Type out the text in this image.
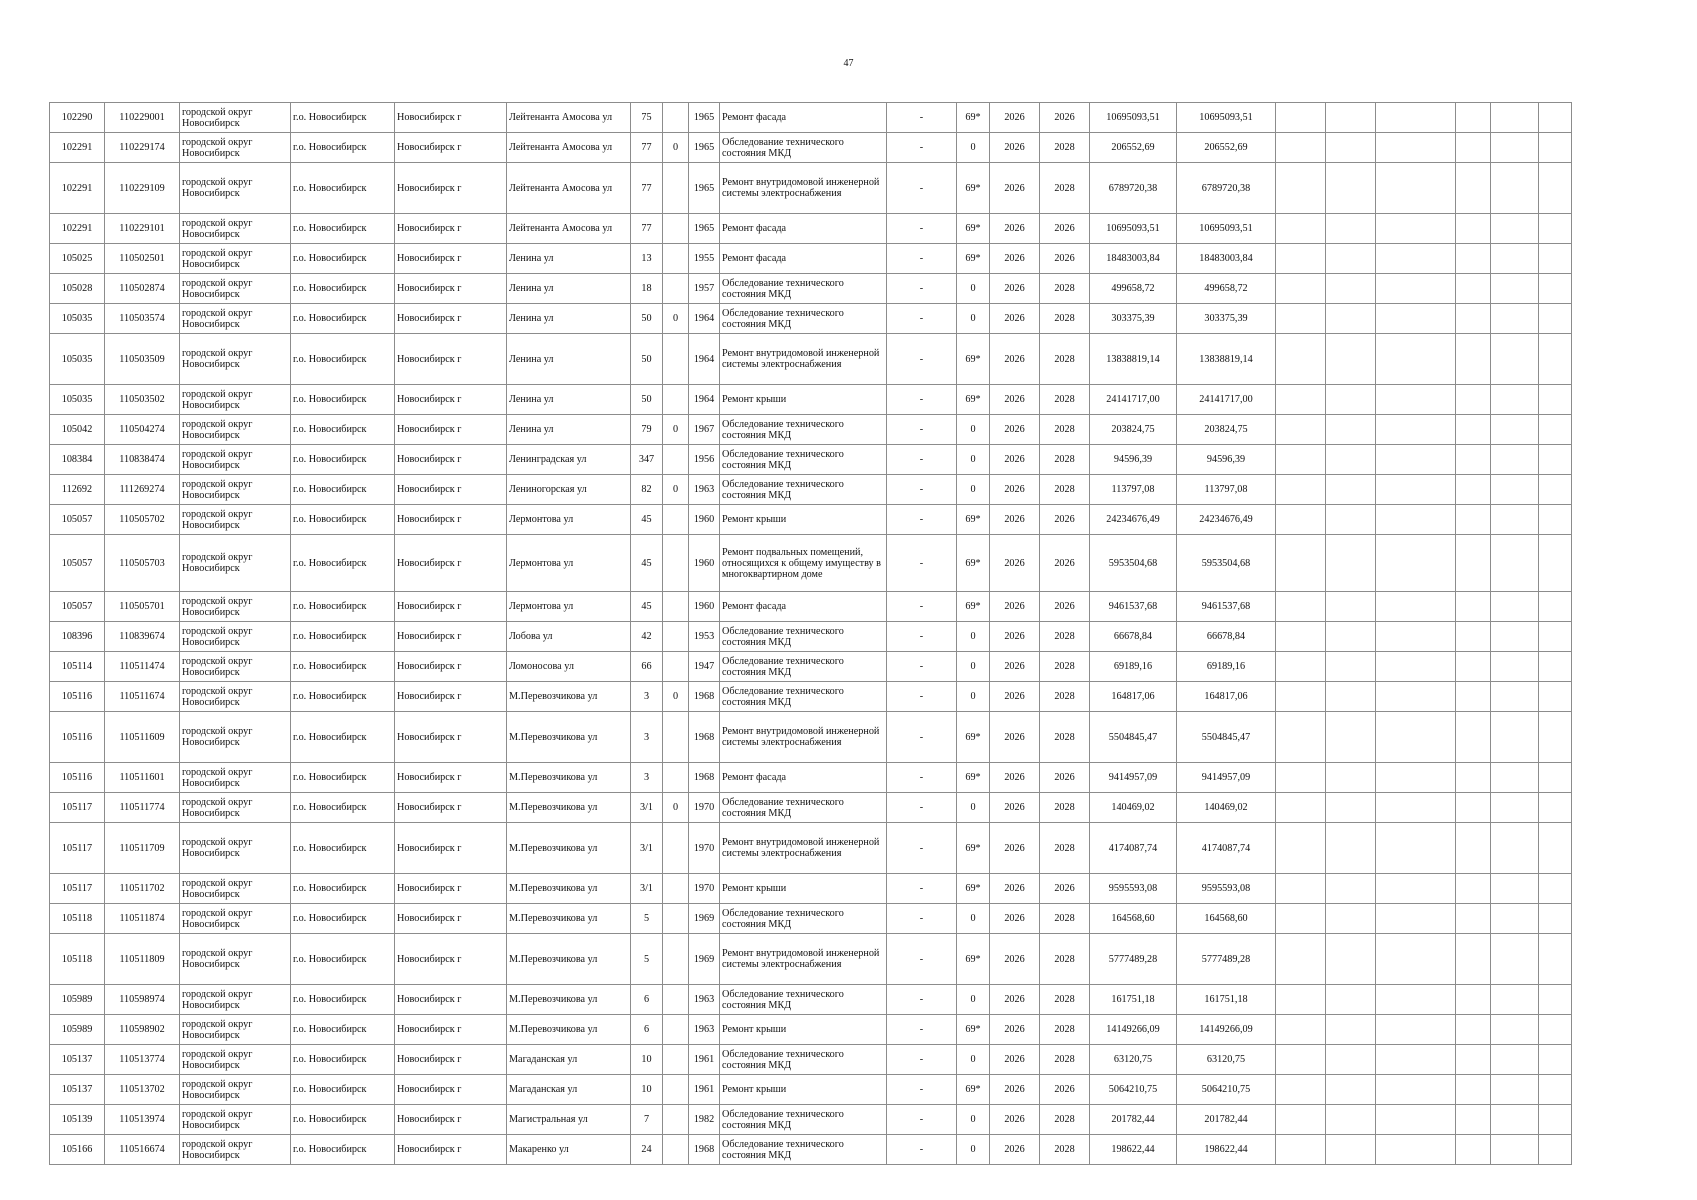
47
102290	110229001	городской округ Новосибирск	г.о. Новосибирск	Новосибирск г	Лейтенанта Амосова ул	75		1965	Ремонт фасада	-	69*	2026	2026	10695093,51	10695093,51						
102291	110229174	городской округ Новосибирск	г.о. Новосибирск	Новосибирск г	Лейтенанта Амосова ул	77	0	1965	Обследование технического состояния МКД	-	0	2026	2028	206552,69	206552,69						
102291	110229109	городской округ Новосибирск	г.о. Новосибирск	Новосибирск г	Лейтенанта Амосова ул	77		1965	Ремонт внутридомовой инженерной системы электроснабжения	-	69*	2026	2028	6789720,38	6789720,38						
102291	110229101	городской округ Новосибирск	г.о. Новосибирск	Новосибирск г	Лейтенанта Амосова ул	77		1965	Ремонт фасада	-	69*	2026	2026	10695093,51	10695093,51						
105025	110502501	городской округ Новосибирск	г.о. Новосибирск	Новосибирск г	Ленина ул	13		1955	Ремонт фасада	-	69*	2026	2026	18483003,84	18483003,84						
105028	110502874	городской округ Новосибирск	г.о. Новосибирск	Новосибирск г	Ленина ул	18		1957	Обследование технического состояния МКД	-	0	2026	2028	499658,72	499658,72						
105035	110503574	городской округ Новосибирск	г.о. Новосибирск	Новосибирск г	Ленина ул	50	0	1964	Обследование технического состояния МКД	-	0	2026	2028	303375,39	303375,39						
105035	110503509	городской округ Новосибирск	г.о. Новосибирск	Новосибирск г	Ленина ул	50		1964	Ремонт внутридомовой инженерной системы электроснабжения	-	69*	2026	2028	13838819,14	13838819,14						
105035	110503502	городской округ Новосибирск	г.о. Новосибирск	Новосибирск г	Ленина ул	50		1964	Ремонт крыши	-	69*	2026	2028	24141717,00	24141717,00						
105042	110504274	городской округ Новосибирск	г.о. Новосибирск	Новосибирск г	Ленина ул	79	0	1967	Обследование технического состояния МКД	-	0	2026	2028	203824,75	203824,75						
108384	110838474	городской округ Новосибирск	г.о. Новосибирск	Новосибирск г	Ленинградская ул	347		1956	Обследование технического состояния МКД	-	0	2026	2028	94596,39	94596,39						
112692	111269274	городской округ Новосибирск	г.о. Новосибирск	Новосибирск г	Лениногорская ул	82	0	1963	Обследование технического состояния МКД	-	0	2026	2028	113797,08	113797,08						
105057	110505702	городской округ Новосибирск	г.о. Новосибирск	Новосибирск г	Лермонтова ул	45		1960	Ремонт крыши	-	69*	2026	2026	24234676,49	24234676,49						
105057	110505703	городской округ Новосибирск	г.о. Новосибирск	Новосибирск г	Лермонтова ул	45		1960	Ремонт подвальных помещений, относящихся к общему имуществу в многоквартирном доме	-	69*	2026	2026	5953504,68	5953504,68						
105057	110505701	городской округ Новосибирск	г.о. Новосибирск	Новосибирск г	Лермонтова ул	45		1960	Ремонт фасада	-	69*	2026	2026	9461537,68	9461537,68						
108396	110839674	городской округ Новосибирск	г.о. Новосибирск	Новосибирск г	Лобова ул	42		1953	Обследование технического состояния МКД	-	0	2026	2028	66678,84	66678,84						
105114	110511474	городской округ Новосибирск	г.о. Новосибирск	Новосибирск г	Ломоносова ул	66		1947	Обследование технического состояния МКД	-	0	2026	2028	69189,16	69189,16						
105116	110511674	городской округ Новосибирск	г.о. Новосибирск	Новосибирск г	М.Перевозчикова ул	3	0	1968	Обследование технического состояния МКД	-	0	2026	2028	164817,06	164817,06						
105116	110511609	городской округ Новосибирск	г.о. Новосибирск	Новосибирск г	М.Перевозчикова ул	3		1968	Ремонт внутридомовой инженерной системы электроснабжения	-	69*	2026	2028	5504845,47	5504845,47						
105116	110511601	городской округ Новосибирск	г.о. Новосибирск	Новосибирск г	М.Перевозчикова ул	3		1968	Ремонт фасада	-	69*	2026	2026	9414957,09	9414957,09						
105117	110511774	городской округ Новосибирск	г.о. Новосибирск	Новосибирск г	М.Перевозчикова ул	3/1	0	1970	Обследование технического состояния МКД	-	0	2026	2028	140469,02	140469,02						
105117	110511709	городской округ Новосибирск	г.о. Новосибирск	Новосибирск г	М.Перевозчикова ул	3/1		1970	Ремонт внутридомовой инженерной системы электроснабжения	-	69*	2026	2028	4174087,74	4174087,74						
105117	110511702	городской округ Новосибирск	г.о. Новосибирск	Новосибирск г	М.Перевозчикова ул	3/1		1970	Ремонт крыши	-	69*	2026	2026	9595593,08	9595593,08						
105118	110511874	городской округ Новосибирск	г.о. Новосибирск	Новосибирск г	М.Перевозчикова ул	5		1969	Обследование технического состояния МКД	-	0	2026	2028	164568,60	164568,60						
105118	110511809	городской округ Новосибирск	г.о. Новосибирск	Новосибирск г	М.Перевозчикова ул	5		1969	Ремонт внутридомовой инженерной системы электроснабжения	-	69*	2026	2028	5777489,28	5777489,28						
105989	110598974	городской округ Новосибирск	г.о. Новосибирск	Новосибирск г	М.Перевозчикова ул	6		1963	Обследование технического состояния МКД	-	0	2026	2028	161751,18	161751,18						
105989	110598902	городской округ Новосибирск	г.о. Новосибирск	Новосибирск г	М.Перевозчикова ул	6		1963	Ремонт крыши	-	69*	2026	2028	14149266,09	14149266,09						
105137	110513774	городской округ Новосибирск	г.о. Новосибирск	Новосибирск г	Магаданская ул	10		1961	Обследование технического состояния МКД	-	0	2026	2028	63120,75	63120,75						
105137	110513702	городской округ Новосибирск	г.о. Новосибирск	Новосибирск г	Магаданская ул	10		1961	Ремонт крыши	-	69*	2026	2026	5064210,75	5064210,75						
105139	110513974	городской округ Новосибирск	г.о. Новосибирск	Новосибирск г	Магистральная ул	7		1982	Обследование технического состояния МКД	-	0	2026	2028	201782,44	201782,44						
105166	110516674	городской округ Новосибирск	г.о. Новосибирск	Новосибирск г	Макаренко ул	24		1968	Обследование технического состояния МКД	-	0	2026	2028	198622,44	198622,44						
